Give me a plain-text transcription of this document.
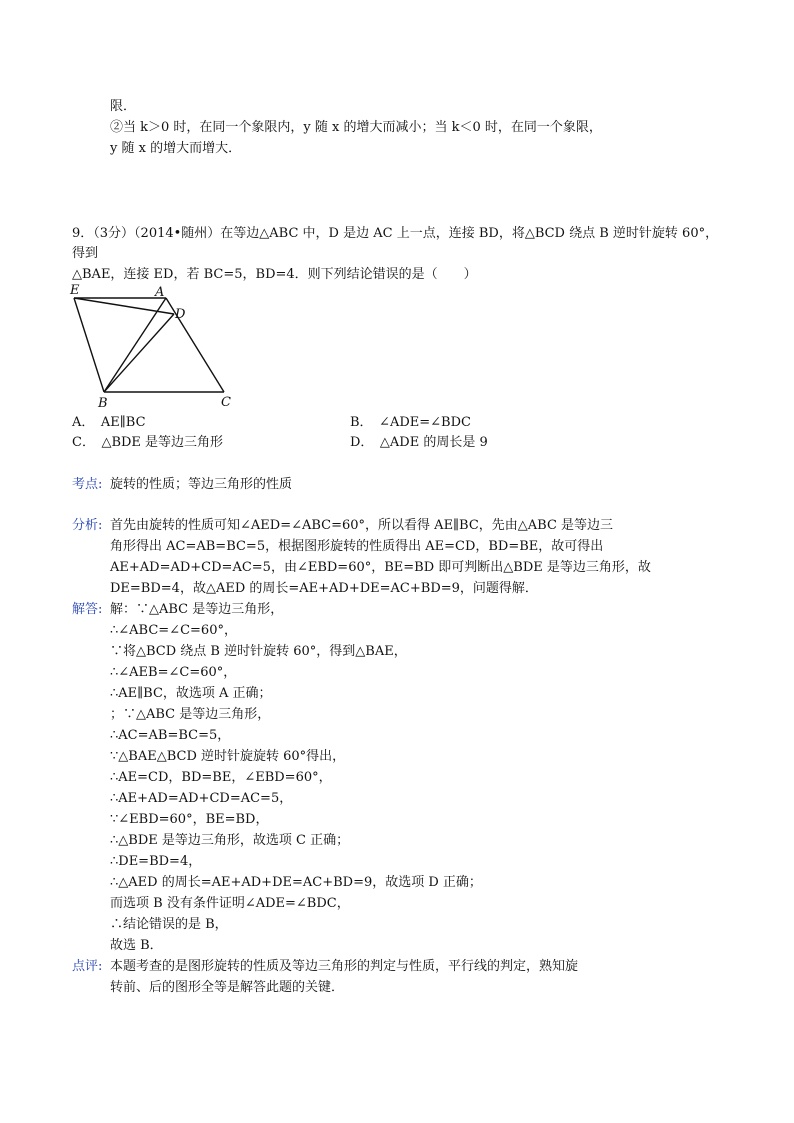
限．
②当 k＞0 时，在同一个象限内，y 随 x 的增大而减小；当 k＜0 时，在同一个象限，
y 随 x 的增大而增大．
9．（3分）（2014•随州）在等边△ABC 中，D 是边 AC 上一点，连接 BD，将△BCD 绕点 B 逆时针旋转 60°，
得到
△BAE，连接 ED，若 BC=5，BD=4．则下列结论错误的是（　　）
E	A
D
B	C
A．　AE∥BC	B．　∠ADE=∠BDC
C．　△BDE 是等边三角形	D．　△ADE 的周长是 9
考点: 旋转的性质；等边三角形的性质
分析: 首先由旋转的性质可知∠AED=∠ABC=60°，所以看得 AE∥BC，先由△ABC 是等边三
角形得出 AC=AB=BC=5，根据图形旋转的性质得出 AE=CD，BD=BE，故可得出
AE+AD=AD+CD=AC=5，由∠EBD=60°，BE=BD 即可判断出△BDE 是等边三角形，故
DE=BD=4，故△AED 的周长=AE+AD+DE=AC+BD=9，问题得解．
解答: 解：∵△ABC 是等边三角形，
∴∠ABC=∠C=60°，
∵将△BCD 绕点 B 逆时针旋转 60°，得到△BAE，
∴∠AEB=∠C=60°，
∴AE∥BC，故选项 A 正确；
；∵△ABC 是等边三角形，
∴AC=AB=BC=5，
∵△BAE△BCD 逆时针旋旋转 60°得出，
∴AE=CD，BD=BE，∠EBD=60°，
∴AE+AD=AD+CD=AC=5，
∵∠EBD=60°，BE=BD，
∴△BDE 是等边三角形，故选项 C 正确；
∴DE=BD=4，
∴△AED 的周长=AE+AD+DE=AC+BD=9，故选项 D 正确；
而选项 B 没有条件证明∠ADE=∠BDC，
∴结论错误的是 B，
故选 B．
点评: 本题考查的是图形旋转的性质及等边三角形的判定与性质，平行线的判定，熟知旋
转前、后的图形全等是解答此题的关键．
